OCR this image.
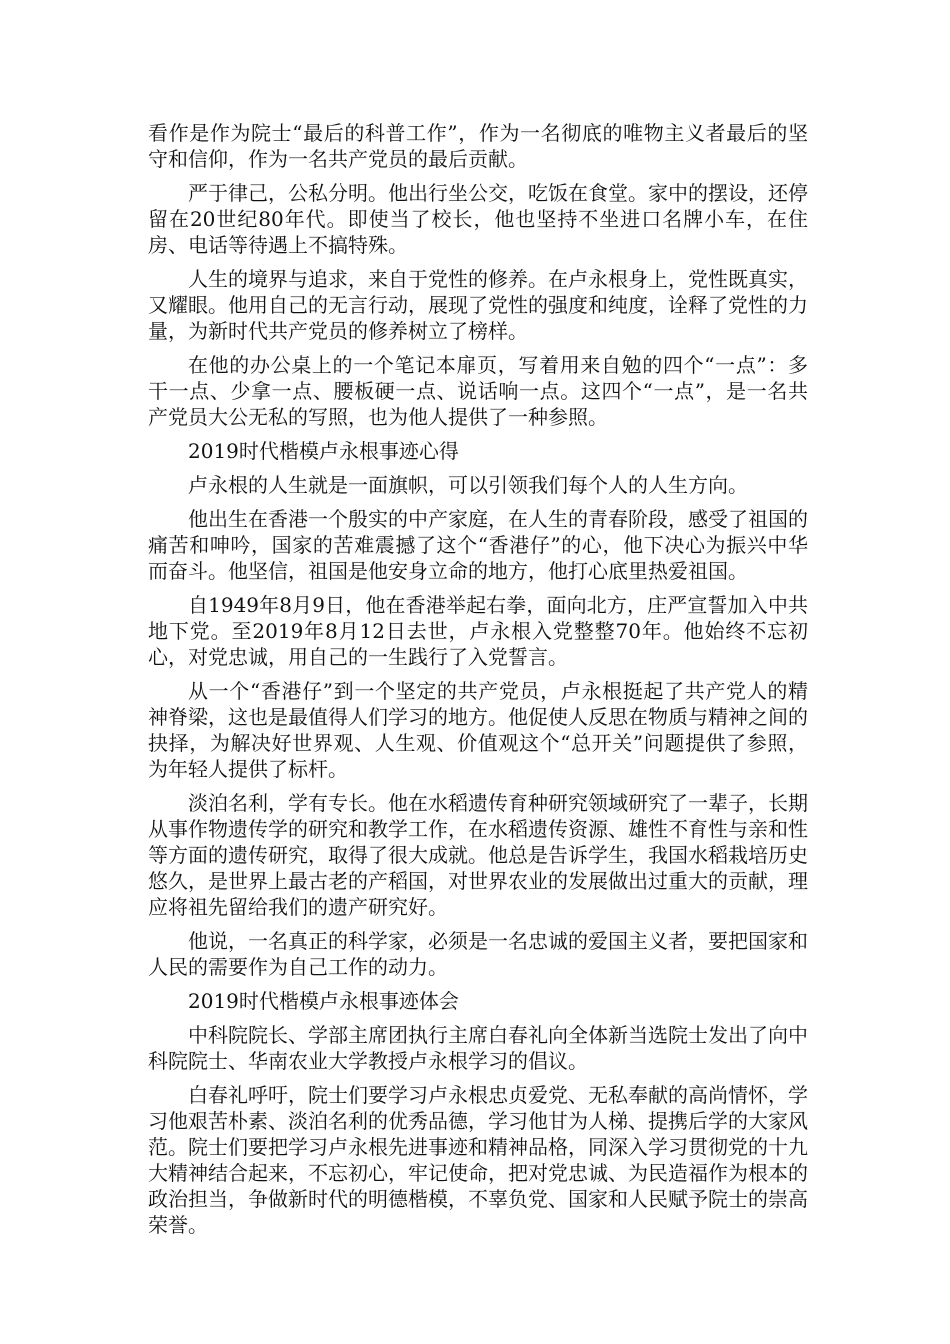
看作是作为院士“最后的科普工作”，作为一名彻底的唯物主义者最后的坚守和信仰，作为一名共产党员的最后贡献。

严于律己，公私分明。他出行坐公交，吃饭在食堂。家中的摆设，还停留在20世纪80年代。即使当了校长，他也坚持不坐进口名牌小车，在住房、电话等待遇上不搞特殊。

人生的境界与追求，来自于党性的修养。在卢永根身上，党性既真实，又耀眼。他用自己的无言行动，展现了党性的强度和纯度，诠释了党性的力量，为新时代共产党员的修养树立了榜样。

在他的办公桌上的一个笔记本扉页，写着用来自勉的四个“一点”：多干一点、少拿一点、腰板硬一点、说话响一点。这四个“一点”，是一名共产党员大公无私的写照，也为他人提供了一种参照。

2019时代楷模卢永根事迹心得

卢永根的人生就是一面旗帜，可以引领我们每个人的人生方向。

他出生在香港一个殷实的中产家庭，在人生的青春阶段，感受了祖国的痛苦和呻吟，国家的苦难震撼了这个“香港仔”的心，他下决心为振兴中华而奋斗。他坚信，祖国是他安身立命的地方，他打心底里热爱祖国。

自1949年8月9日，他在香港举起右拳，面向北方，庄严宣誓加入中共地下党。至2019年8月12日去世，卢永根入党整整70年。他始终不忘初心，对党忠诚，用自己的一生践行了入党誓言。

从一个“香港仔”到一个坚定的共产党员，卢永根挺起了共产党人的精神脊梁，这也是最值得人们学习的地方。他促使人反思在物质与精神之间的抉择，为解决好世界观、人生观、价值观这个“总开关”问题提供了参照，为年轻人提供了标杆。

淡泊名利，学有专长。他在水稻遗传育种研究领域研究了一辈子，长期从事作物遗传学的研究和教学工作，在水稻遗传资源、雄性不育性与亲和性等方面的遗传研究，取得了很大成就。他总是告诉学生，我国水稻栽培历史悠久，是世界上最古老的产稻国，对世界农业的发展做出过重大的贡献，理应将祖先留给我们的遗产研究好。

他说，一名真正的科学家，必须是一名忠诚的爱国主义者，要把国家和人民的需要作为自己工作的动力。

2019时代楷模卢永根事迹体会

中科院院长、学部主席团执行主席白春礼向全体新当选院士发出了向中科院院士、华南农业大学教授卢永根学习的倡议。

白春礼呼吁，院士们要学习卢永根忠贞爱党、无私奉献的高尚情怀，学习他艰苦朴素、淡泊名利的优秀品德，学习他甘为人梯、提携后学的大家风范。院士们要把学习卢永根先进事迹和精神品格，同深入学习贯彻党的十九大精神结合起来，不忘初心，牢记使命，把对党忠诚、为民造福作为根本的政治担当，争做新时代的明德楷模，不辜负党、国家和人民赋予院士的崇高荣誉。
